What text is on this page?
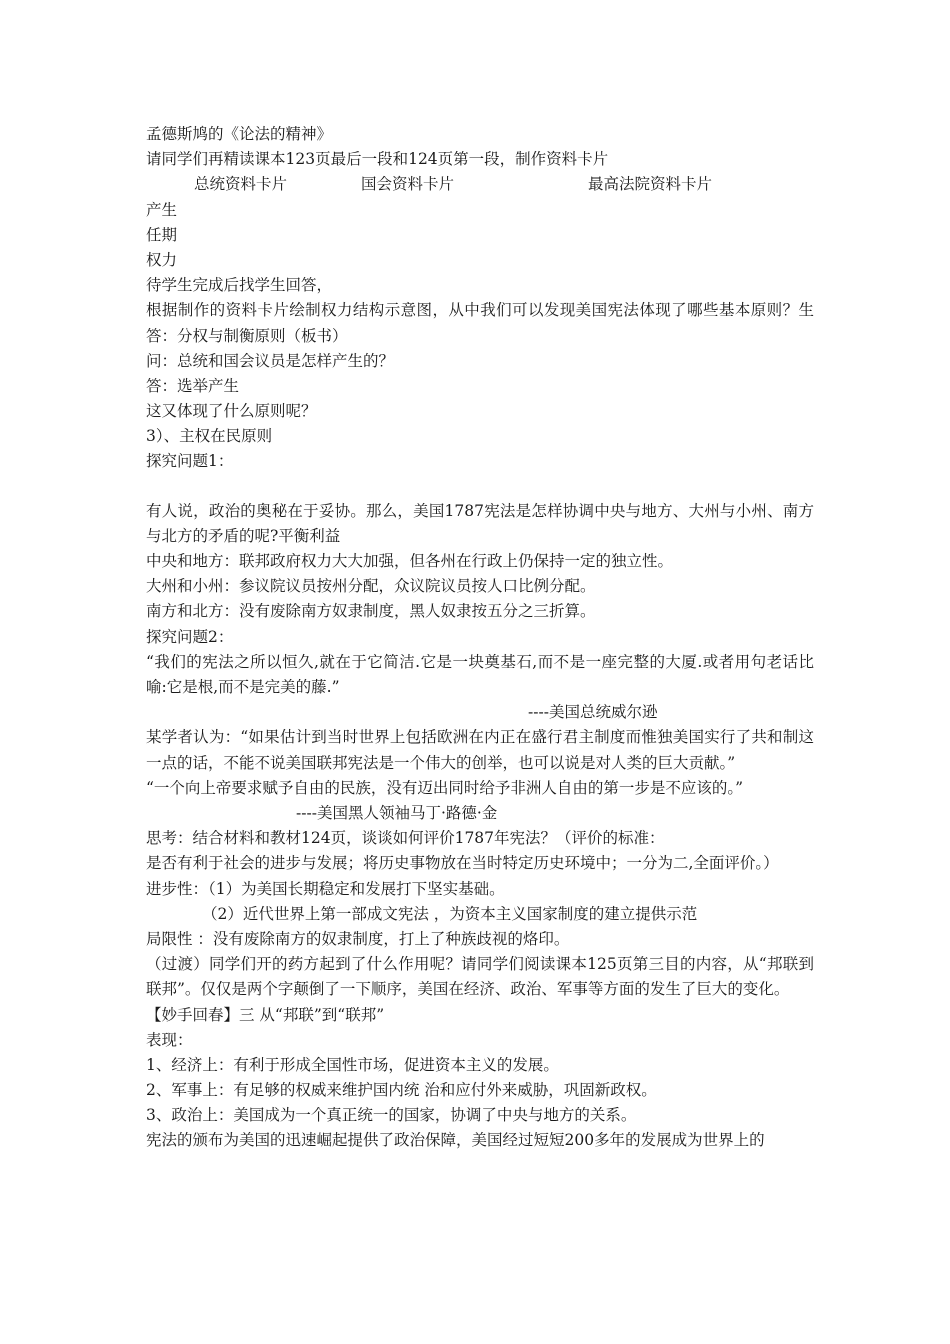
孟德斯鸠的《论法的精神》
请同学们再精读课本123页最后一段和124页第一段，制作资料卡片
总统资料卡片	国会资料卡片	最高法院资料卡片
产生
任期
权力
待学生完成后找学生回答，
根据制作的资料卡片绘制权力结构示意图，从中我们可以发现美国宪法体现了哪些基本原则？生答：分权与制衡原则（板书）
问：总统和国会议员是怎样产生的？
答：选举产生
这又体现了什么原则呢？
3）、主权在民原则
探究问题1：
有人说，政治的奥秘在于妥协。那么，美国1787宪法是怎样协调中央与地方、大州与小州、南方与北方的矛盾的呢?平衡利益
中央和地方：联邦政府权力大大加强，但各州在行政上仍保持一定的独立性。
大州和小州：参议院议员按州分配，众议院议员按人口比例分配。
南方和北方：没有废除南方奴隶制度，黑人奴隶按五分之三折算。
探究问题2：
“我们的宪法之所以恒久,就在于它简洁.它是一块奠基石,而不是一座完整的大厦.或者用句老话比喻:它是根,而不是完美的藤.”
----美国总统威尔逊
某学者认为：“如果估计到当时世界上包括欧洲在内正在盛行君主制度而惟独美国实行了共和制这一点的话，不能不说美国联邦宪法是一个伟大的创举，也可以说是对人类的巨大贡献。”
“一个向上帝要求赋予自由的民族，没有迈出同时给予非洲人自由的第一步是不应该的。”
----美国黑人领袖马丁·路德·金
思考：结合材料和教材124页，谈谈如何评价1787年宪法？（评价的标准：
是否有利于社会的进步与发展；将历史事物放在当时特定历史环境中；一分为二,全面评价。）
进步性：（1）为美国长期稳定和发展打下坚实基础。
（2）近代世界上第一部成文宪法 ，为资本主义国家制度的建立提供示范
局限性 ：没有废除南方的奴隶制度，打上了种族歧视的烙印。
（过渡）同学们开的药方起到了什么作用呢？请同学们阅读课本125页第三目的内容，从“邦联到联邦”。仅仅是两个字颠倒了一下顺序，美国在经济、政治、军事等方面的发生了巨大的变化。
【妙手回春】三 从“邦联”到“联邦”
表现：
1、经济上：有利于形成全国性市场，促进资本主义的发展。
2、军事上：有足够的权威来维护国内统 治和应付外来威胁，巩固新政权。
3、政治上：美国成为一个真正统一的国家，协调了中央与地方的关系。
宪法的颁布为美国的迅速崛起提供了政治保障，美国经过短短200多年的发展成为世界上的
